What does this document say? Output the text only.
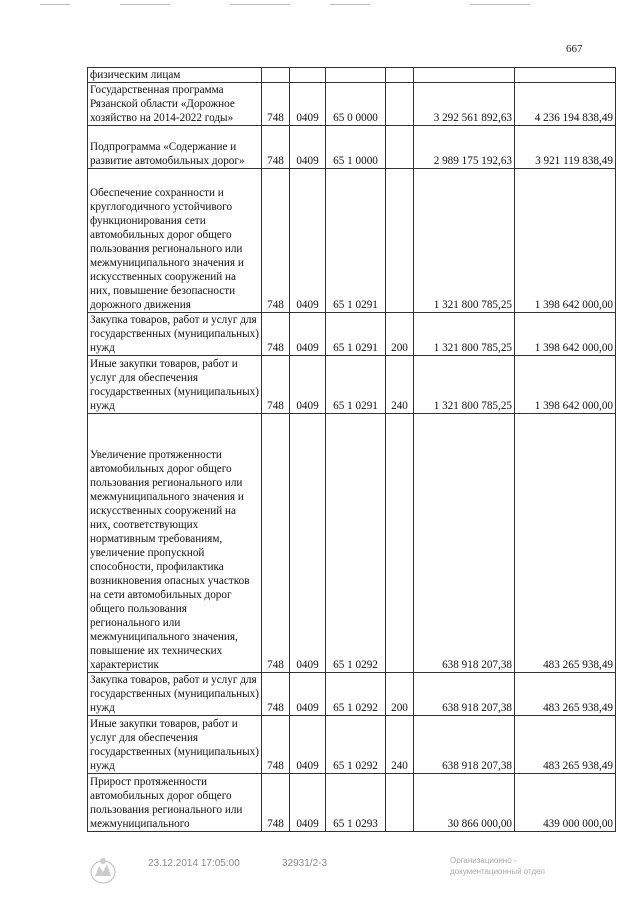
667
физическим лицам						
Государственная программа Рязанской области «Дорожное хозяйство на 2014-2022 годы»	748	0409	65 0 0000		3 292 561 892,63	4 236 194 838,49
Подпрограмма «Содержание и развитие автомобильных дорог»	748	0409	65 1 0000		2 989 175 192,63	3 921 119 838,49
Обеспечение сохранности и круглогодичного устойчивого функционирования сети автомобильных дорог общего пользования регионального или межмуниципального значения и искусственных сооружений на них, повышение безопасности дорожного движения	748	0409	65 1 0291		1 321 800 785,25	1 398 642 000,00
Закупка товаров, работ и услуг для государственных (муниципальных) нужд	748	0409	65 1 0291	200	1 321 800 785,25	1 398 642 000,00
Иные закупки товаров, работ и услуг для обеспечения государственных (муниципальных) нужд	748	0409	65 1 0291	240	1 321 800 785,25	1 398 642 000,00
Увеличение протяженности автомобильных дорог общего пользования регионального или межмуниципального значения и искусственных сооружений на них, соответствующих нормативным требованиям, увеличение пропускной способности, профилактика возникновения опасных участков на сети автомобильных дорог общего пользования регионального или межмуниципального значения, повышение их технических характеристик	748	0409	65 1 0292		638 918 207,38	483 265 938,49
Закупка товаров, работ и услуг для государственных (муниципальных) нужд	748	0409	65 1 0292	200	638 918 207,38	483 265 938,49
Иные закупки товаров, работ и услуг для обеспечения государственных (муниципальных) нужд	748	0409	65 1 0292	240	638 918 207,38	483 265 938,49
Прирост протяженности автомобильных дорог общего пользования регионального или межмуниципального	748	0409	65 1 0293		30 866 000,00	439 000 000,00
23.12.2014 17:05:00	32931/2-3	Организационно - документационный отдел
